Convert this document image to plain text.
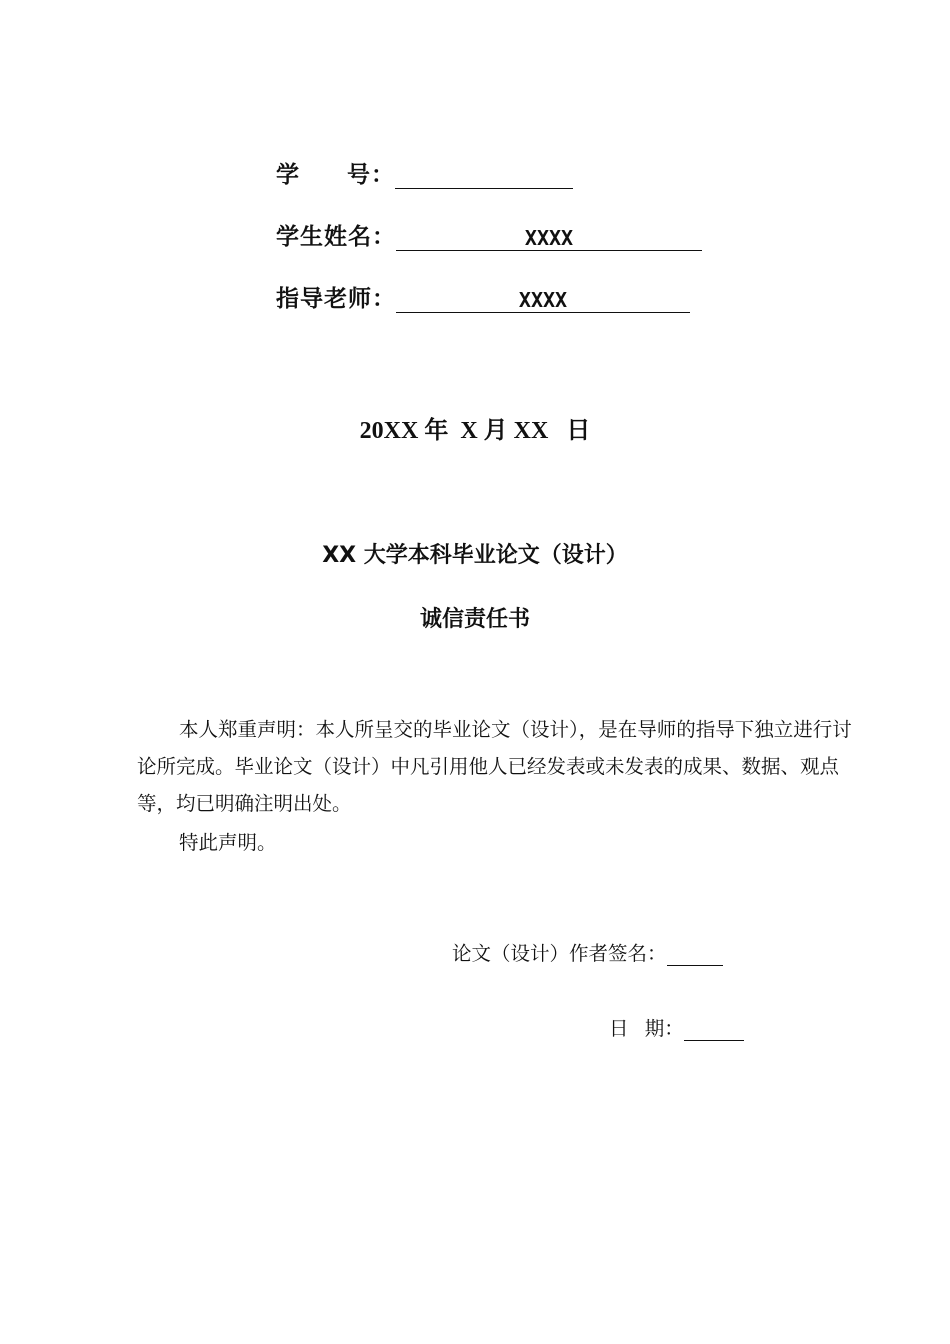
学 号：
学生姓名：	XXXX
指导老师：	XXXX
20XX 年  X 月 XX   日
XX 大学本科毕业论文（设计）
诚信责任书
本人郑重声明：本人所呈交的毕业论文（设计），是在导师的指导下独立进行讨论所完成。毕业论文（设计）中凡引用他人已经发表或未发表的成果、数据、观点等，均已明确注明出处。
特此声明。
论文（设计）作者签名：
日 期：
